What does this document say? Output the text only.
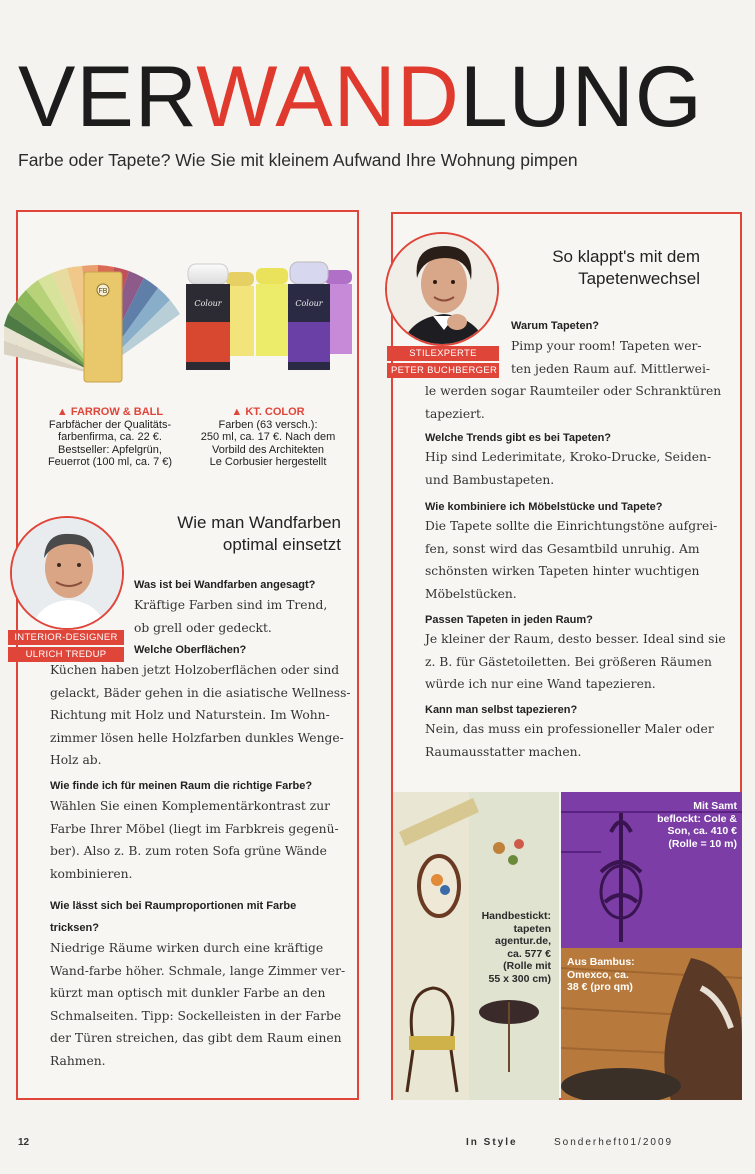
VERWANDLUNG
Farbe oder Tapete? Wie Sie mit kleinem Aufwand Ihre Wohnung pimpen
FB
Colour	Colour
▲ FARROW & BALL
Farbfächer der Qualitäts-
farbenfirma, ca. 22 €.
Bestseller: Apfelgrün,
Feuerrot (100 ml, ca. 7 €)
▲ KT. COLOR
Farben (63 versch.):
250 ml, ca. 17 €. Nach dem
Vorbild des Architekten
Le Corbusier hergestellt
Wie man Wandfarben
optimal einsetzt
INTERIOR-DESIGNER
ULRICH TREDUP
Was ist bei Wandfarben angesagt?
Kräftige Farben sind im Trend,
ob grell oder gedeckt.
Welche Oberflächen?
Küchen haben jetzt Holzoberflächen oder sind
gelackt, Bäder gehen in die asiatische Wellness-
Richtung mit Holz und Naturstein. Im Wohn-
zimmer lösen helle Holzfarben dunkles Wenge-
Holz ab.
Wie finde ich für meinen Raum die richtige Farbe?
Wählen Sie einen Komplementärkontrast zur
Farbe Ihrer Möbel (liegt im Farbkreis gegenü-
ber). Also z. B. zum roten Sofa grüne Wände
kombinieren.
Wie lässt sich bei Raumproportionen mit Farbe
tricksen?
Niedrige Räume wirken durch eine kräftige
Wand-farbe höher. Schmale, lange Zimmer ver-
kürzt man optisch mit dunkler Farbe an den
Schmalseiten. Tipp: Sockelleisten in der Farbe
der Türen streichen, das gibt dem Raum einen
Rahmen.
STILEXPERTE
PETER BUCHBERGER
So klappt's mit dem
Tapetenwechsel
Warum Tapeten?
Pimp your room! Tapeten wer-
ten jeden Raum auf. Mittlerwei-
le werden sogar Raumteiler oder Schranktüren
tapeziert.
Welche Trends gibt es bei Tapeten?
Hip sind Lederimitate, Kroko-Drucke, Seiden-
und Bambustapeten.
Wie kombiniere ich Möbelstücke und Tapete?
Die Tapete sollte die Einrichtungstöne aufgrei-
fen, sonst wird das Gesamtbild unruhig. Am
schönsten wirken Tapeten hinter wuchtigen
Möbelstücken.
Passen Tapeten in jeden Raum?
Je kleiner der Raum, desto besser. Ideal sind sie
z. B. für Gästetoiletten. Bei größeren Räumen
würde ich nur eine Wand tapezieren.
Kann man selbst tapezieren?
Nein, das muss ein professioneller Maler oder
Raumausstatter machen.
Handbestickt:
tapeten
agentur.de,
ca. 577 €
(Rolle mit
55 x 300 cm)
Mit Samt
beflockt: Cole &
Son, ca. 410 €
(Rolle = 10 m)
Aus Bambus:
Omexco, ca.
38 € (pro qm)
12	In Style	Sonderheft01/2009
